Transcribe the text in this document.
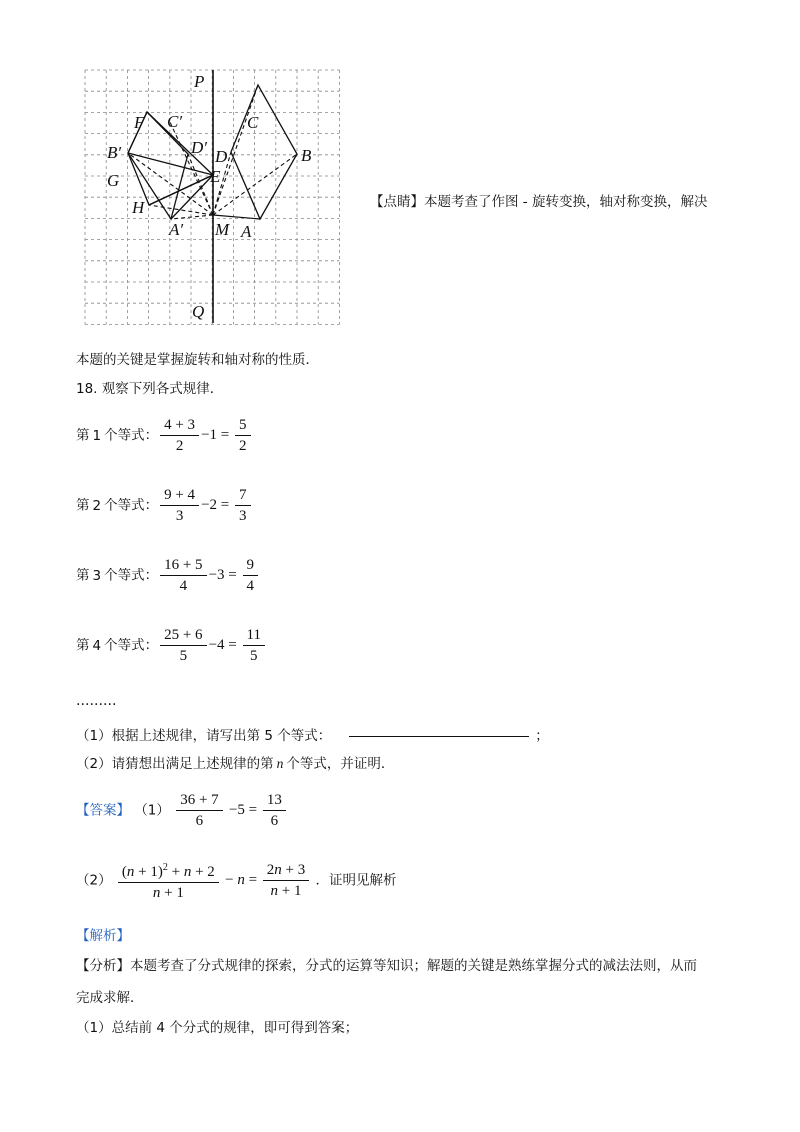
P
Q
C
B
D
E
M A
F C′
B′	D′
G
H
A′
【点睛】本题考查了作图 - 旋转变换，轴对称变换，解决
本题的关键是掌握旋转和轴对称的性质．
18. 观察下列各式规律．
第 1 个等式： $\frac{4 + 3}{2} -1 = \frac{5}{2}$
第 2 个等式： $\frac{9 + 4}{3} -2 = \frac{7}{3}$
第 3 个等式： $\frac{16 + 5}{4} -3 = \frac{9}{4}$
第 4 个等式： $\frac{25 + 6}{5} -4 = \frac{11}{5}$
………
（1）根据上述规律，请写出第 5 个等式：	；
（2）请猜想出满足上述规律的第 n 个等式，并证明．
【答案】 $(1) \frac{36 + 7}{6} -5 = \frac{13}{6}$
$(2) \frac{(n + 1)^2 + n + 2}{n + 1} - n = \frac{2n + 3}{n + 1}$ ．证明见解析
【解析】
【分析】本题考查了分式规律的探索，分式的运算等知识；解题的关键是熟练掌握分式的减法法则，从而
完成求解．
（1）总结前 4 个分式的规律，即可得到答案；
